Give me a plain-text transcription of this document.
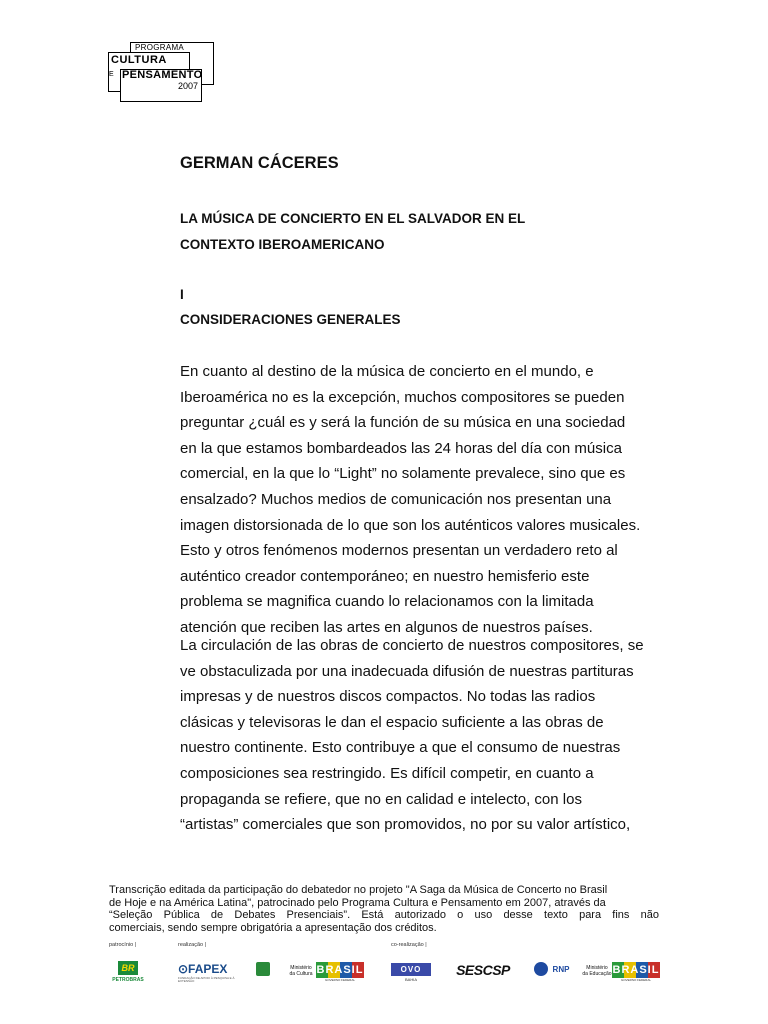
PROGRAMA
CULTURA
E PENSAMENTO
2007
GERMAN CÁCERES
LA MÚSICA DE CONCIERTO EN EL SALVADOR EN EL
CONTEXTO IBEROAMERICANO
I
CONSIDERACIONES GENERALES

En cuanto al destino de la música de concierto en el mundo, e
Iberoamérica no es la excepción, muchos compositores se pueden
preguntar ¿cuál es y será la función de su música en una sociedad
en la que estamos bombardeados las 24 horas del día con música
comercial, en la que lo “Light” no solamente prevalece, sino que es
ensalzado? Muchos medios de comunicación nos presentan una
imagen distorsionada de lo que son los auténticos valores musicales.
Esto y otros fenómenos modernos presentan un verdadero reto al
auténtico creador contemporáneo; en nuestro hemisferio este
problema se magnifica cuando lo relacionamos con la limitada
atención que reciben las artes en algunos de nuestros países.

La circulación de las obras de concierto de nuestros compositores, se
ve obstaculizada por una inadecuada difusión de nuestras partituras
impresas y de nuestros discos compactos. No todas las radios
clásicas y televisoras le dan el espacio suficiente a las obras de
nuestro continente. Esto contribuye a que el consumo de nuestras
composiciones sea restringido. Es difícil competir, en cuanto a
propaganda se refiere, que no en calidad e intelecto, con los
“artistas” comerciales que son promovidos, no por su valor artístico,

Transcrição editada da participação do debatedor no projeto "A Saga da Música de Concerto no Brasil
de Hoje e na América Latina", patrocinado pelo Programa Cultura e Pensamento em 2007, através da
“Seleção Pública de Debates Presenciais”. Está autorizado o uso desse texto para fins não
comerciais, sendo sempre obrigatória a apresentação dos créditos.

patrocínio |	realização |	co-realização |
BR
PETROBRAS
⊙FAPEX
FUNDAÇÃO DE APOIO À PESQUISA E À EXTENSÃO
Ministério
da Cultura BRASIL
GOVERNO FEDERAL
OVO
BAHIA
SESCSP	RNP	Ministério
da Educação BRASIL
GOVERNO FEDERAL
